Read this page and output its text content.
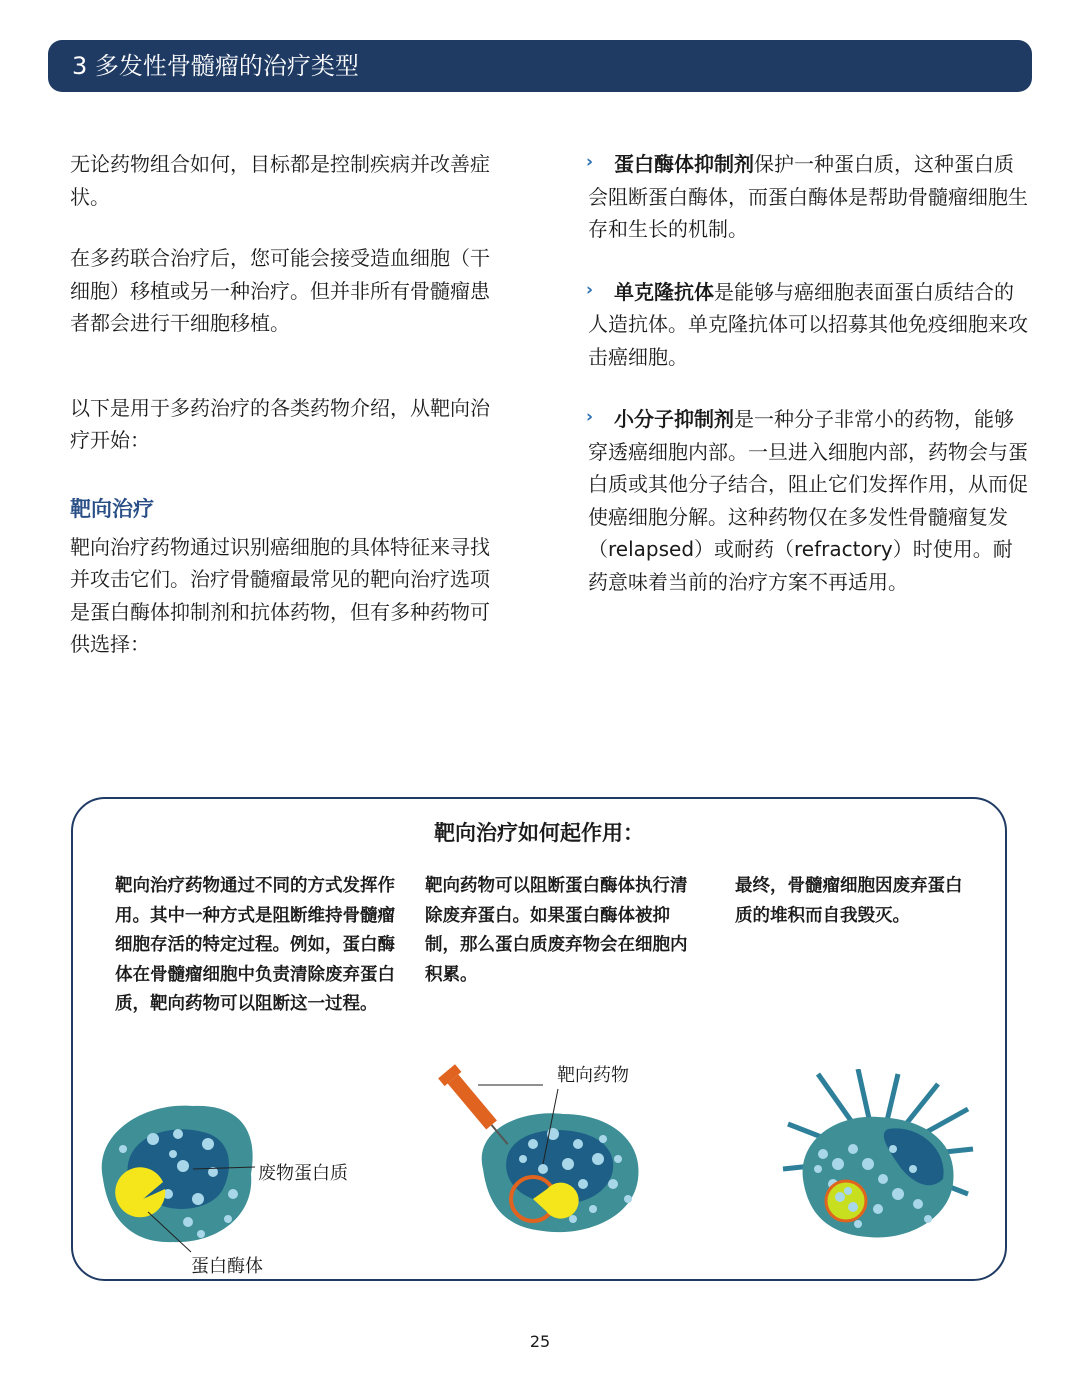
3 多发性骨髓瘤的治疗类型

无论药物组合如何，目标都是控制疾病并改善症状。

在多药联合治疗后，您可能会接受造血细胞（干细胞）移植或另一种治疗。但并非所有骨髓瘤患者都会进行干细胞移植。

以下是用于多药治疗的各类药物介绍，从靶向治疗开始：

靶向治疗

靶向治疗药物通过识别癌细胞的具体特征来寻找并攻击它们。治疗骨髓瘤最常见的靶向治疗选项是蛋白酶体抑制剂和抗体药物，但有多种药物可供选择：

› 蛋白酶体抑制剂保护一种蛋白质，这种蛋白质会阻断蛋白酶体，而蛋白酶体是帮助骨髓瘤细胞生存和生长的机制。

› 单克隆抗体是能够与癌细胞表面蛋白质结合的人造抗体。单克隆抗体可以招募其他免疫细胞来攻击癌细胞。

› 小分子抑制剂是一种分子非常小的药物，能够穿透癌细胞内部。一旦进入细胞内部，药物会与蛋白质或其他分子结合，阻止它们发挥作用，从而促使癌细胞分解。这种药物仅在多发性骨髓瘤复发（relapsed）或耐药（refractory）时使用。耐药意味着当前的治疗方案不再适用。

靶向治疗如何起作用：
靶向治疗药物通过不同的方式发挥作用。其中一种方式是阻断维持骨髓瘤细胞存活的特定过程。例如，蛋白酶体在骨髓瘤细胞中负责清除废弃蛋白质，靶向药物可以阻断这一过程。
靶向药物可以阻断蛋白酶体执行清除废弃蛋白。如果蛋白酶体被抑制，那么蛋白质废弃物会在细胞内积累。
最终，骨髓瘤细胞因废弃蛋白质的堆积而自我毁灭。
废物蛋白质
蛋白酶体
靶向药物
25
